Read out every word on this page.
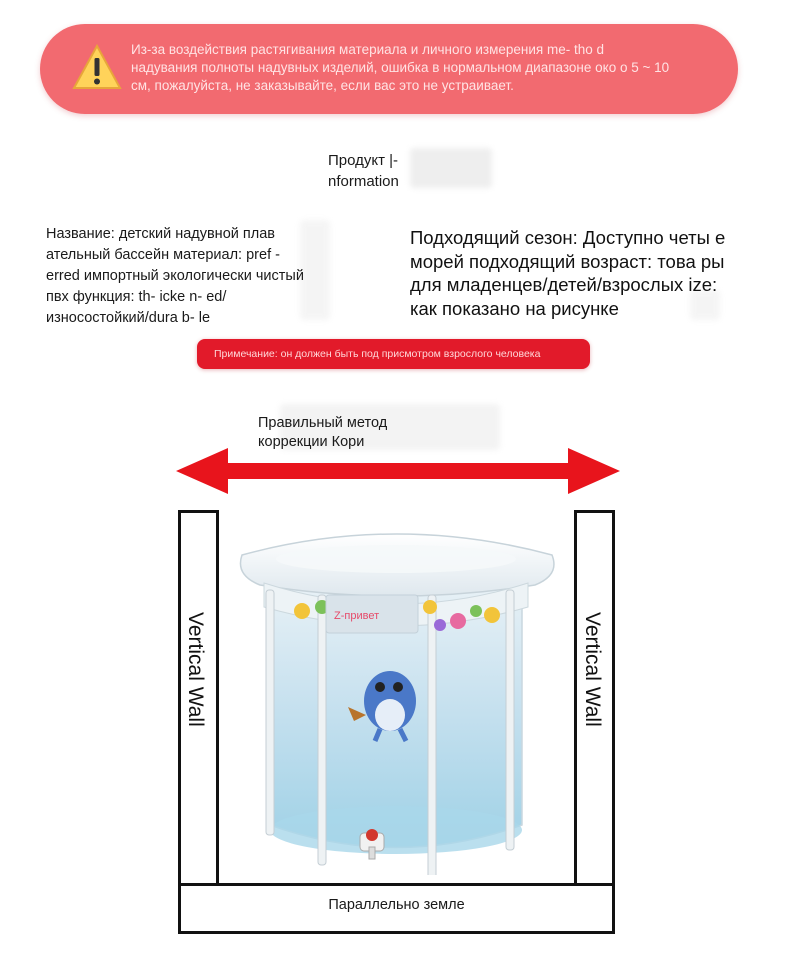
Из-за воздействия растягивания материала и личного измерения me- tho d надувания полноты надувных изделий, ошибка в нормальном диапазоне око о 5 ~ 10 см, пожалуйста, не заказывайте, если вас это не устраивает.
Продукт |- nformation
Название: детский надувной плав ательный бассейн материал: pref - erred импортный экологически чистый пвх функция: th- icke n- ed/износостойкий/dura b- le
Подходящий сезон: Доступно четы е морей подходящий возраст: това ры для младенцев/детей/взрослых ize: как показано на рисунке
Примечание: он должен быть под присмотром взрослого человека
Правильный метод коррекции Кори
Z-привет
Vertical Wall	Vertical Wall
Параллельно земле
